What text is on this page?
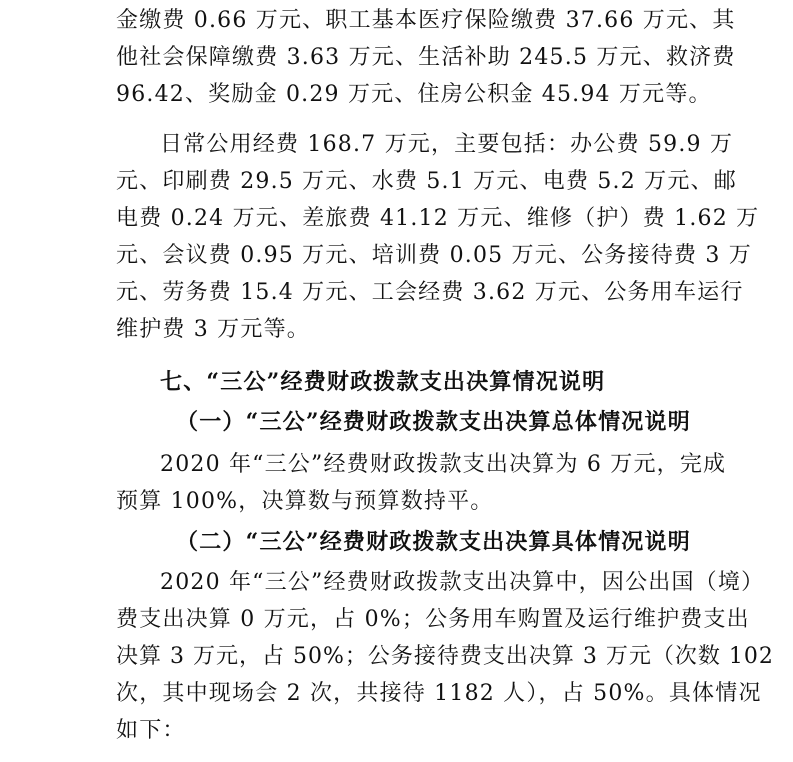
金缴费 0.66 万元、职工基本医疗保险缴费 37.66 万元、其
他社会保障缴费 3.63 万元、生活补助 245.5 万元、救济费
96.42、奖励金 0.29 万元、住房公积金 45.94 万元等。
日常公用经费 168.7 万元，主要包括：办公费 59.9 万
元、印刷费 29.5 万元、水费 5.1 万元、电费 5.2 万元、邮
电费 0.24 万元、差旅费 41.12 万元、维修（护）费 1.62 万
元、会议费 0.95 万元、培训费 0.05 万元、公务接待费 3 万
元、劳务费 15.4 万元、工会经费 3.62 万元、公务用车运行
维护费 3 万元等。
七、“三公”经费财政拨款支出决算情况说明
（一）“三公”经费财政拨款支出决算总体情况说明
2020 年“三公”经费财政拨款支出决算为 6 万元，完成
预算 100%，决算数与预算数持平。
（二）“三公”经费财政拨款支出决算具体情况说明
2020 年“三公”经费财政拨款支出决算中，因公出国（境）
费支出决算 0 万元，占 0%；公务用车购置及运行维护费支出
决算 3 万元，占 50%；公务接待费支出决算 3 万元（次数 102
次，其中现场会 2 次，共接待 1182 人），占 50%。具体情况
如下：
